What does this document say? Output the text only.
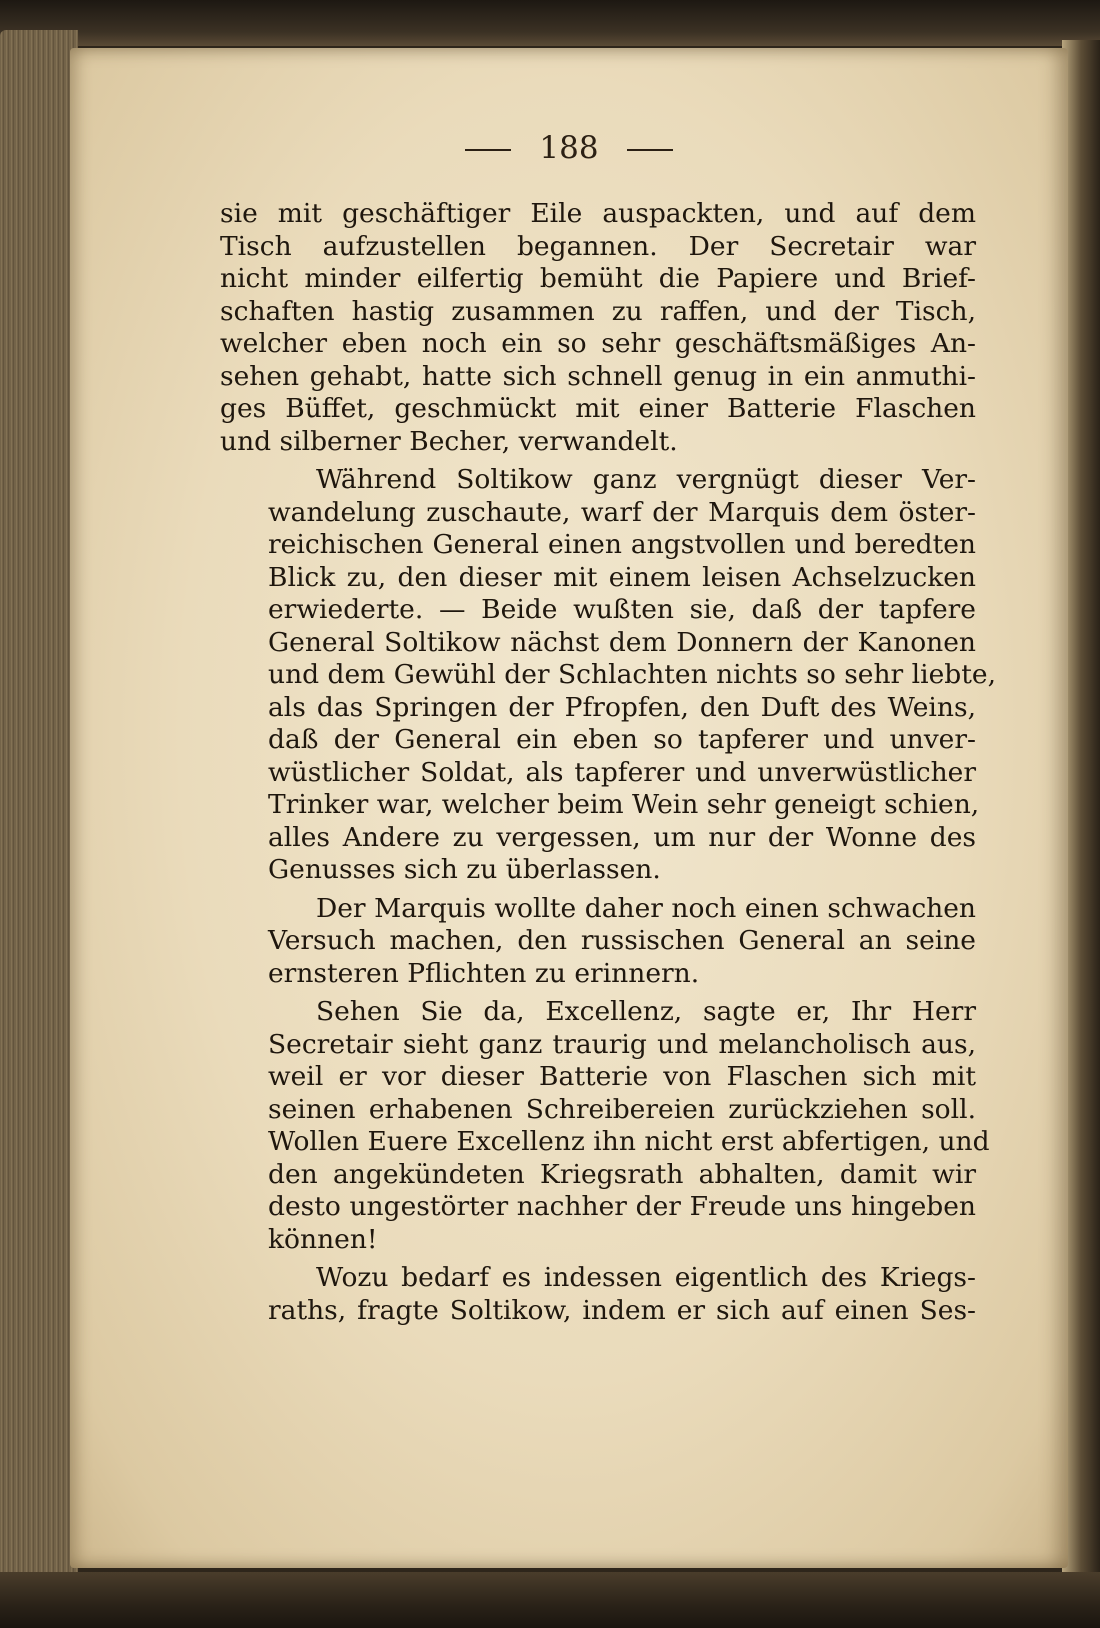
188
sie mit geschäftiger Eile auspackten, und auf dem
Tisch aufzustellen begannen. Der Secretair war
nicht minder eilfertig bemüht die Papiere und Brief-
schaften hastig zusammen zu raffen, und der Tisch,
welcher eben noch ein so sehr geschäftsmäßiges An-
sehen gehabt, hatte sich schnell genug in ein anmuthi-
ges Büffet, geschmückt mit einer Batterie Flaschen
und silberner Becher, verwandelt.
Während Soltikow ganz vergnügt dieser Ver-
wandelung zuschaute, warf der Marquis dem öster-
reichischen General einen angstvollen und beredten
Blick zu, den dieser mit einem leisen Achselzucken
erwiederte. — Beide wußten sie, daß der tapfere
General Soltikow nächst dem Donnern der Kanonen
und dem Gewühl der Schlachten nichts so sehr liebte,
als das Springen der Pfropfen, den Duft des Weins,
daß der General ein eben so tapferer und unver-
wüstlicher Soldat, als tapferer und unverwüstlicher
Trinker war, welcher beim Wein sehr geneigt schien,
alles Andere zu vergessen, um nur der Wonne des
Genusses sich zu überlassen.
Der Marquis wollte daher noch einen schwachen
Versuch machen, den russischen General an seine
ernsteren Pflichten zu erinnern.
Sehen Sie da, Excellenz, sagte er, Ihr Herr
Secretair sieht ganz traurig und melancholisch aus,
weil er vor dieser Batterie von Flaschen sich mit
seinen erhabenen Schreibereien zurückziehen soll.
Wollen Euere Excellenz ihn nicht erst abfertigen, und
den angekündeten Kriegsrath abhalten, damit wir
desto ungestörter nachher der Freude uns hingeben
können!
Wozu bedarf es indessen eigentlich des Kriegs-
raths, fragte Soltikow, indem er sich auf einen Ses-
